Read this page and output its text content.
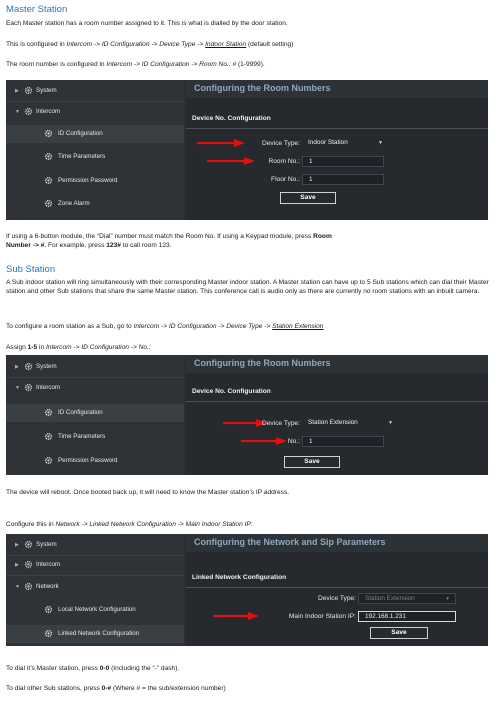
Master Station
Each Master station has a room number assigned to it. This is what is dialled by the door station.
This is configured in Intercom -> ID Configuration -> Device Type -> Indoor Station (default setting)
The room number is configured in Intercom -> ID Configuration -> Room No.: # (1-9999).
▶	System
▼	Intercom
ID Configuration
Time Parameters
Permission Password
Zone Alarm
Configuring the Room Numbers
Device No. Configuration
Device Type:	Indoor Station	▼
Room No.:	1
Floor No.:	1
Save
If using a 6-button module, the “Dial” number must match the Room No. If using a Keypad module, press Room
Number -> #. For example, press 123# to call room 123.
Sub Station
A Sub indoor station will ring simultaneously with their corresponding Master indoor station. A Master station can have up to 5 Sub stations which can dial their Master station and other Sub stations that share the same Master station. This conference call is audio only as there are currently no room stations with an inbuilt camera.
To configure a room station as a Sub, go to Intercom -> ID Configuration -> Device Type -> Station Extension
Assign 1-5 in Intercom -> ID Configuration -> No.:
▶	System
▼	Intercom
ID Configuration
Time Parameters
Permission Password
Configuring the Room Numbers
Device No. Configuration
Device Type:	Station Extension	▼
No.:	1
Save
The device will reboot. Once booted back up, it will need to know the Master station’s IP address.
Configure this in Network -> Linked Network Configuration -> Main Indoor Station IP:
▶	System
▶	Intercom
▼	Network
Local Network Configuration
Linked Network Configuration
Configuring the Network and Sip Parameters
Linked Network Configuration
Device Type:	Station Extension	▼
Main Indoor Station IP:	192.168.1.231
Save
To dial it’s Master station, press 0-0 (Including the “-” dash).
To dial other Sub stations, press 0-# (Where # = the sub/extension number)
